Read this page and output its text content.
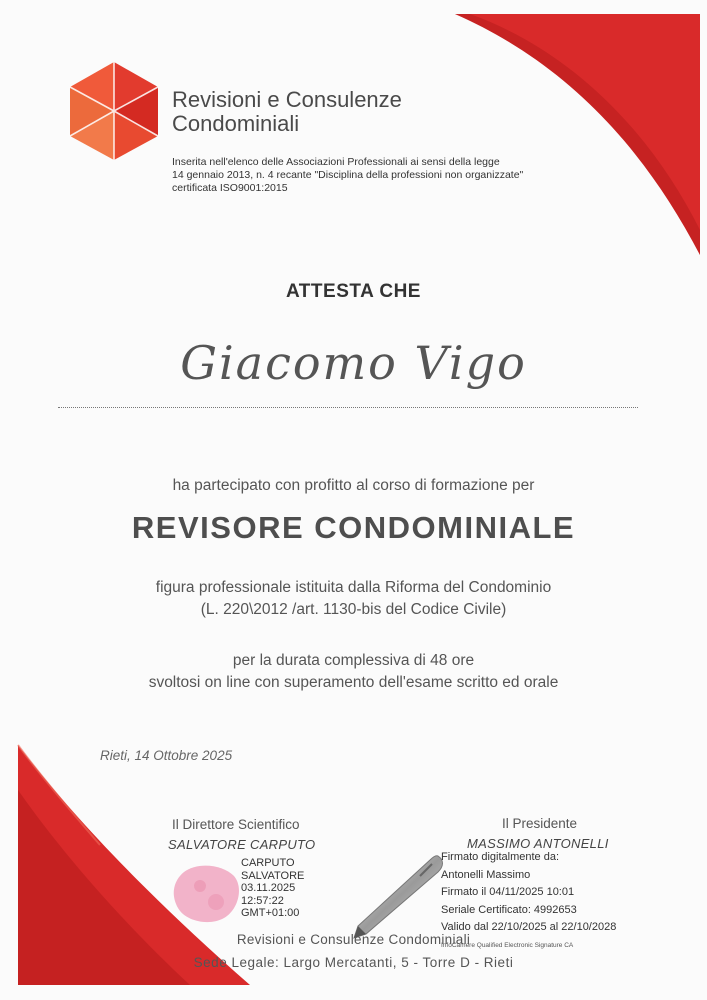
Revisioni e Consulenze
Condominiali
Inserita nell'elenco delle Associazioni Professionali ai sensi della legge
14 gennaio 2013, n. 4 recante "Disciplina della professioni non organizzate"
certificata ISO9001:2015
ATTESTA CHE
Giacomo Vigo
ha partecipato con profitto al corso di formazione per
REVISORE CONDOMINIALE
figura professionale istituita dalla Riforma del Condominio
(L. 220\2012 /art. 1130-bis del Codice Civile)
per la durata complessiva di 48 ore
svoltosi on line con superamento dell'esame scritto ed orale
Rieti, 14 Ottobre 2025
Il Direttore Scientifico
SALVATORE CARPUTO
CARPUTO
SALVATORE
03.11.2025
12:57:22
GMT+01:00
Il Presidente
MASSIMO ANTONELLI
Firmato digitalmente da:
Antonelli Massimo
Firmato il 04/11/2025 10:01
Seriale Certificato: 4992653
Valido dal 22/10/2025 al 22/10/2028
InfoCamere Qualified Electronic Signature CA
Revisioni e Consulenze Condominiali
Sede Legale: Largo Mercatanti, 5 - Torre D - Rieti
